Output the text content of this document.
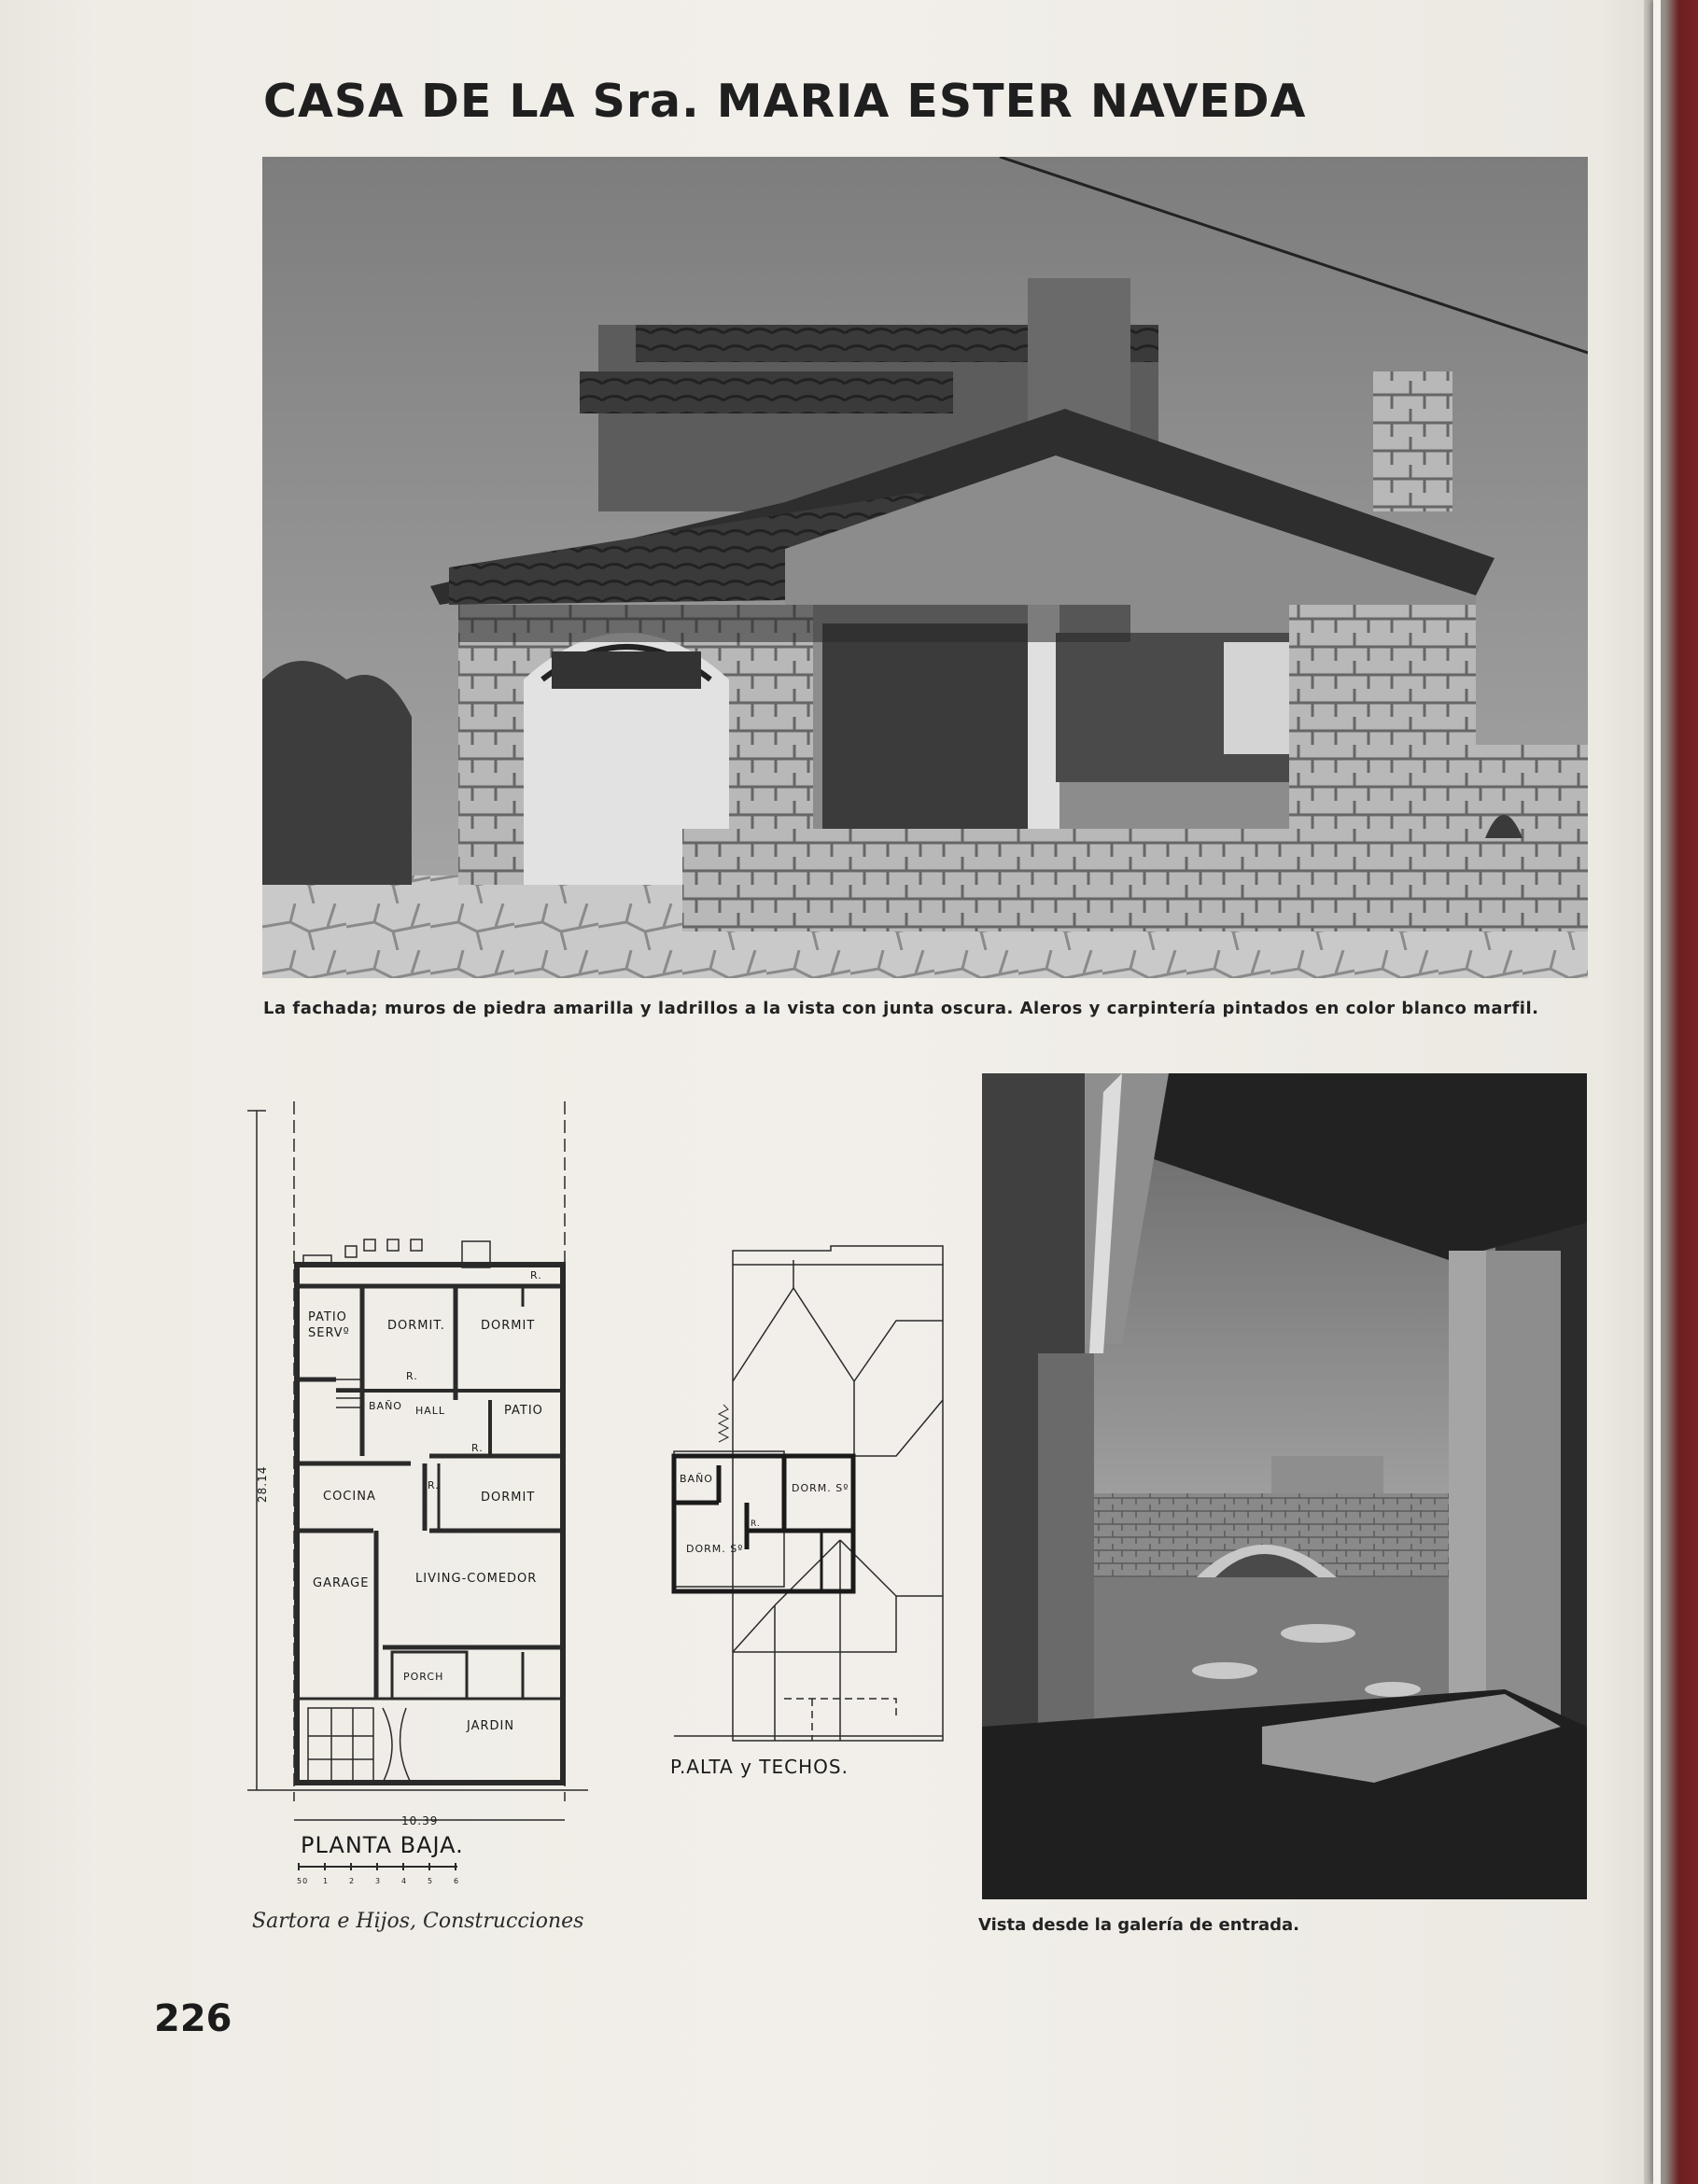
CASA DE LA Sra. MARIA ESTER NAVEDA
La fachada; muros de piedra amarilla y ladrillos a la vista con junta oscura. Aleros y carpintería pintados en color blanco marfil.
PATIO
SERVº
DORMIT.	DORMIT
R.
R.
BAÑO HALL	PATIO
R.
COCINA
R.
DORMIT
GARAGE	LIVING-COMEDOR
PORCH
JARDIN
10.39
28.14
PLANTA BAJA.
50 1	2	3	4	5	6
BAÑO
DORM. Sº
DORM. Sº
R.
P.ALTA y TECHOS.
Vista desde la galería de entrada.
Sartora e Hijos, Construcciones
226
